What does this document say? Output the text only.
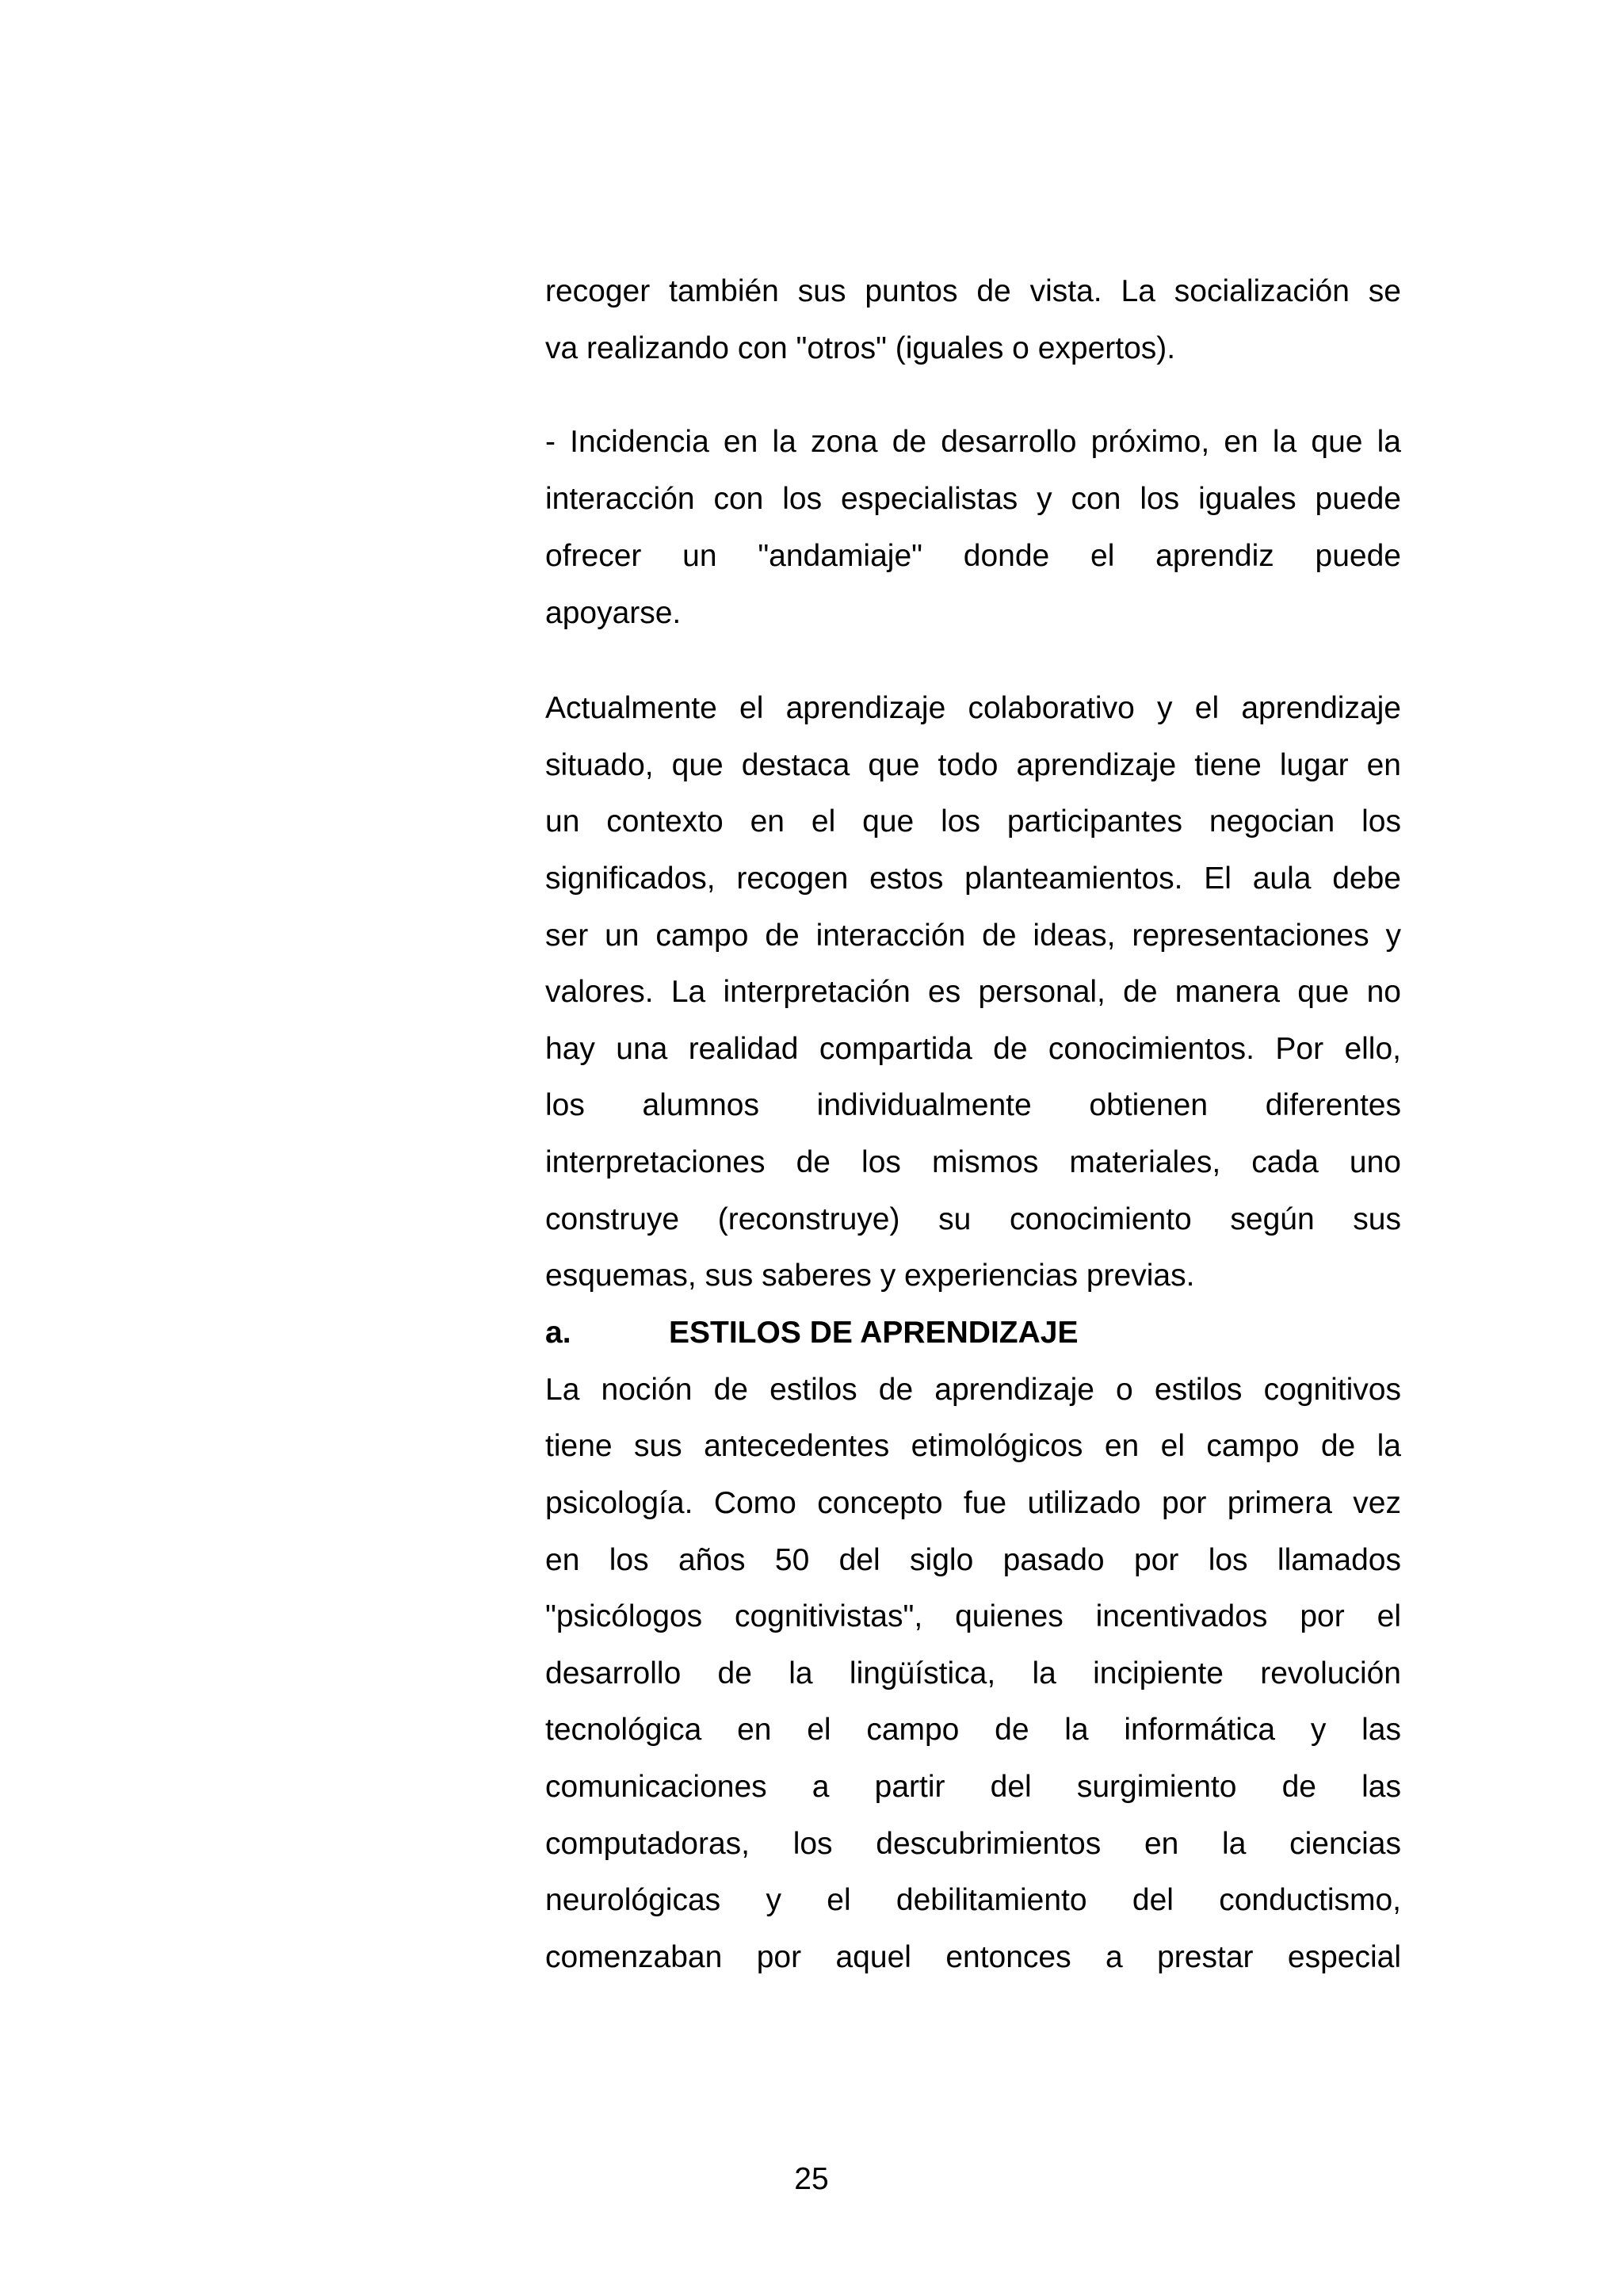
recoger también sus puntos de vista. La socialización se
va realizando con "otros" (iguales o expertos).
- Incidencia en la zona de desarrollo próximo, en la que la
interacción con los especialistas y con los iguales puede
ofrecer un "andamiaje" donde el aprendiz puede
apoyarse.
Actualmente el aprendizaje colaborativo y el aprendizaje
situado, que destaca que todo aprendizaje tiene lugar en
un contexto en el que los participantes negocian los
significados, recogen estos planteamientos. El aula debe
ser un campo de interacción de ideas, representaciones y
valores. La interpretación es personal, de manera que no
hay una realidad compartida de conocimientos. Por ello,
los alumnos individualmente obtienen diferentes
interpretaciones de los mismos materiales, cada uno
construye (reconstruye) su conocimiento según sus
esquemas, sus saberes y experiencias previas.
a.	ESTILOS DE APRENDIZAJE
La noción de estilos de aprendizaje o estilos cognitivos
tiene sus antecedentes etimológicos en el campo de la
psicología. Como concepto fue utilizado por primera vez
en los años 50 del siglo pasado por los llamados
"psicólogos cognitivistas", quienes incentivados por el
desarrollo de la lingüística, la incipiente revolución
tecnológica en el campo de la informática y las
comunicaciones a partir del surgimiento de las
computadoras, los descubrimientos en la ciencias
neurológicas y el debilitamiento del conductismo,
comenzaban por aquel entonces a prestar especial
25
